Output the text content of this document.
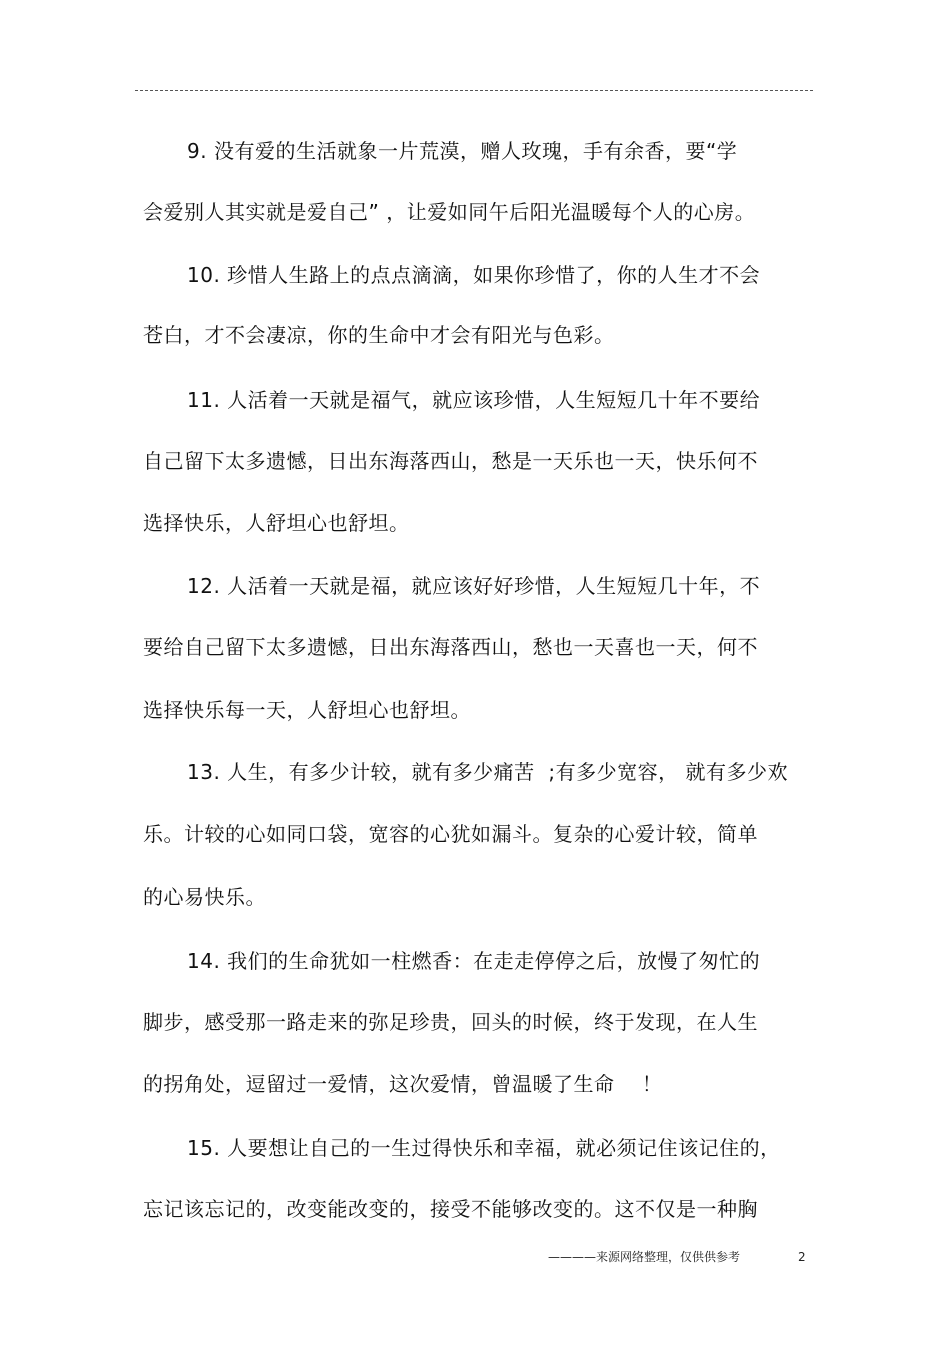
9. 没有爱的生活就象一片荒漠，赠人玫瑰，手有余香，要“学
会爱别人其实就是爱自己” ，让爱如同午后阳光温暖每个人的心房。
10. 珍惜人生路上的点点滴滴，如果你珍惜了，你的人生才不会
苍白，才不会凄凉，你的生命中才会有阳光与色彩。
11. 人活着一天就是福气，就应该珍惜，人生短短几十年不要给
自己留下太多遗憾，日出东海落西山，愁是一天乐也一天，快乐何不
选择快乐，人舒坦心也舒坦。
12. 人活着一天就是福，就应该好好珍惜，人生短短几十年，不
要给自己留下太多遗憾，日出东海落西山，愁也一天喜也一天，何不
选择快乐每一天，人舒坦心也舒坦。
13. 人生，有多少计较，就有多少痛苦  ;有多少宽容， 就有多少欢
乐。计较的心如同口袋，宽容的心犹如漏斗。复杂的心爱计较，简单
的心易快乐。
14. 我们的生命犹如一柱燃香：在走走停停之后，放慢了匆忙的
脚步，感受那一路走来的弥足珍贵，回头的时候，终于发现，在人生
的拐角处，逗留过一爱情，这次爱情，曾温暖了生命    ！
15. 人要想让自己的一生过得快乐和幸福，就必须记住该记住的，
忘记该忘记的，改变能改变的，接受不能够改变的。这不仅是一种胸
————来源网络整理，仅供供参考	2
